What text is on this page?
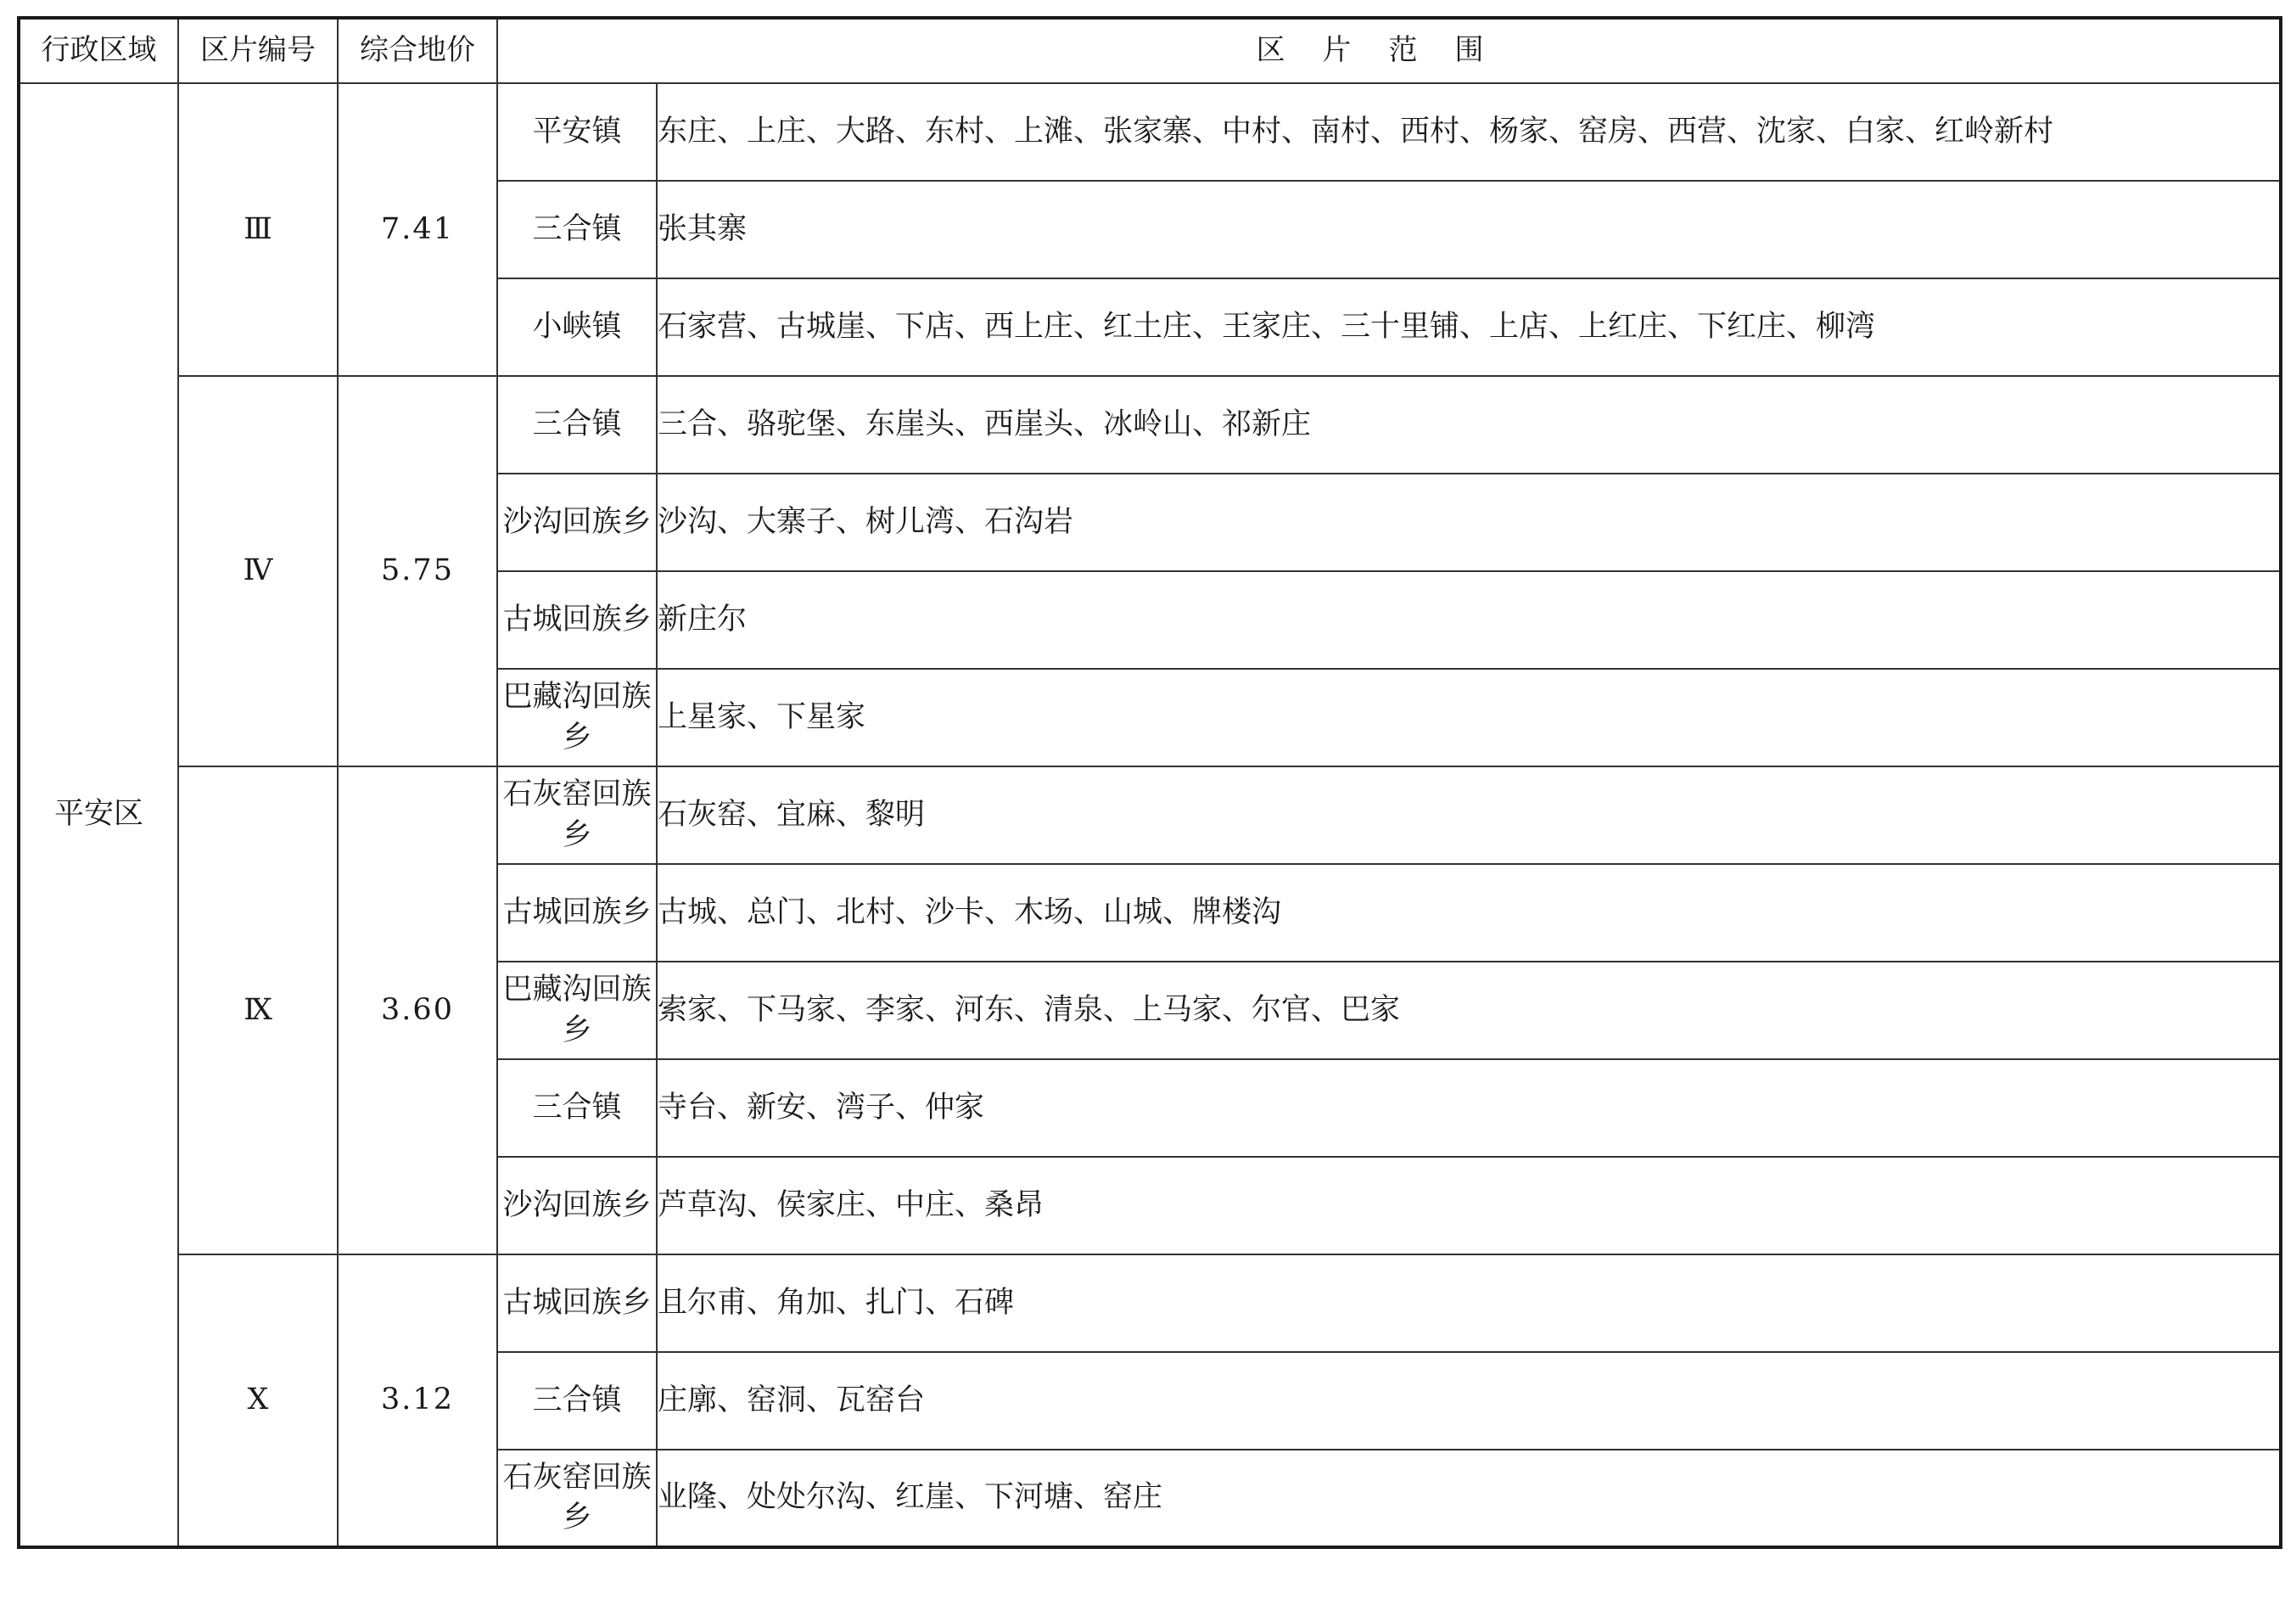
行政区域	区片编号	综合地价	区片范围	
平安区	Ⅲ	7.41	平安镇	东庄、上庄、大路、东村、上滩、张家寨、中村、南村、西村、杨家、窑房、西营、沈家、白家、红岭新村
			三合镇	张其寨
			小峡镇	石家营、古城崖、下店、西上庄、红土庄、王家庄、三十里铺、上店、上红庄、下红庄、柳湾
	Ⅳ	5.75	三合镇	三合、骆驼堡、东崖头、西崖头、冰岭山、祁新庄
			沙沟回族乡	沙沟、大寨子、树儿湾、石沟岩
			古城回族乡	新庄尔
			巴藏沟回族乡	上星家、下星家
	Ⅸ	3.60	石灰窑回族乡	石灰窑、宜麻、黎明
			古城回族乡	古城、总门、北村、沙卡、木场、山城、牌楼沟
			巴藏沟回族乡	索家、下马家、李家、河东、清泉、上马家、尔官、巴家
			三合镇	寺台、新安、湾子、仲家
			沙沟回族乡	芦草沟、侯家庄、中庄、桑昂
	Ⅹ	3.12	古城回族乡	且尔甫、角加、扎门、石碑
			三合镇	庄廓、窑洞、瓦窑台
			石灰窑回族乡	业隆、处处尔沟、红崖、下河塘、窑庄
